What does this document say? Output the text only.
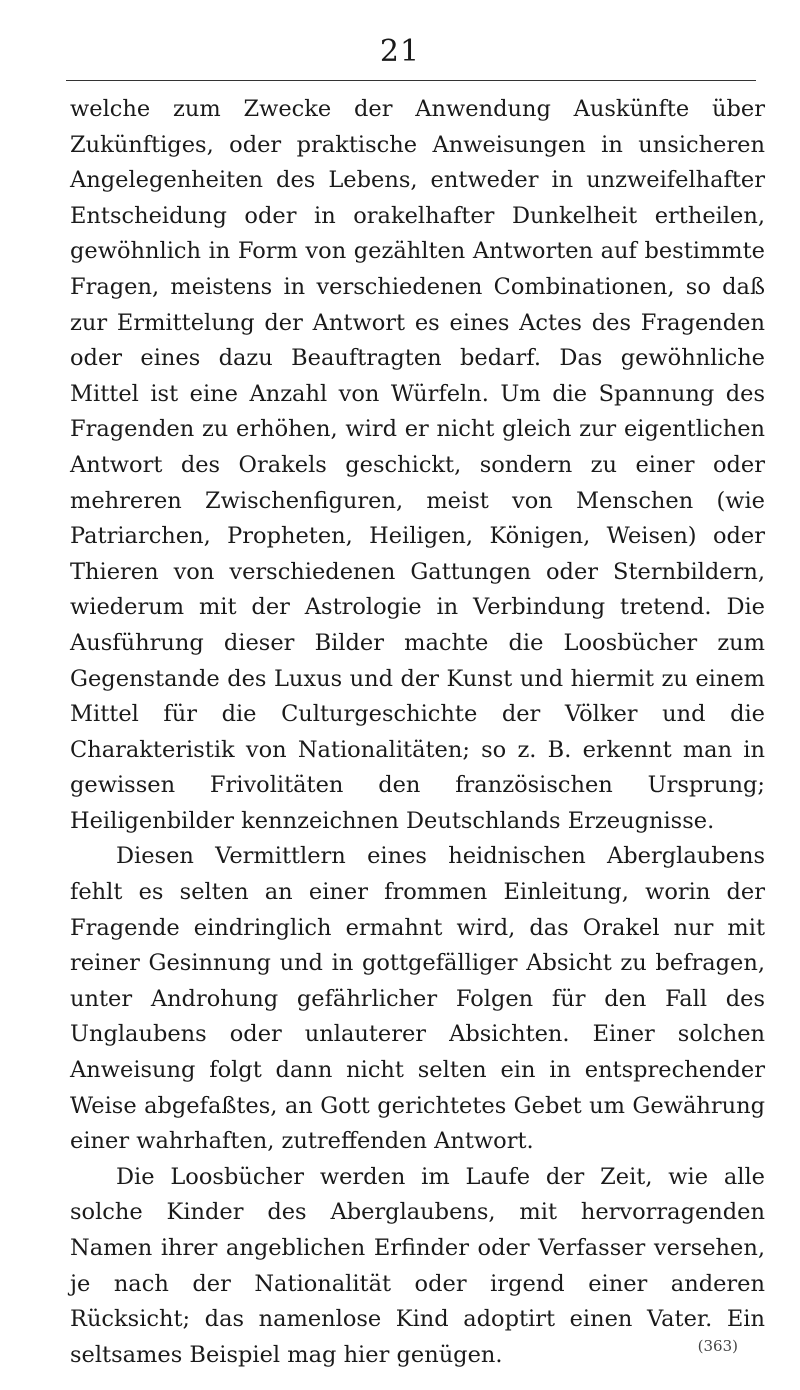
21

welche zum Zwecke der Anwendung Auskünfte über Zukünftiges, oder praktische Anweisungen in unsicheren Angelegenheiten des Lebens, entweder in unzweifelhafter Entscheidung oder in orakelhafter Dunkelheit ertheilen, gewöhnlich in Form von gezählten Antworten auf bestimmte Fragen, meistens in verschiedenen Combinationen, so daß zur Ermittelung der Antwort es eines Actes des Fragenden oder eines dazu Beauftragten bedarf. Das gewöhnliche Mittel ist eine Anzahl von Würfeln. Um die Spannung des Fragenden zu erhöhen, wird er nicht gleich zur eigentlichen Antwort des Orakels geschickt, sondern zu einer oder mehreren Zwischenfiguren, meist von Menschen (wie Patriarchen, Propheten, Heiligen, Königen, Weisen) oder Thieren von verschiedenen Gattungen oder Sternbildern, wiederum mit der Astrologie in Verbindung tretend. Die Ausführung dieser Bilder machte die Loosbücher zum Gegenstande des Luxus und der Kunst und hiermit zu einem Mittel für die Culturgeschichte der Völker und die Charakteristik von Nationalitäten; so z. B. erkennt man in gewissen Frivolitäten den französischen Ursprung; Heiligenbilder kennzeichnen Deutschlands Erzeugnisse.

Diesen Vermittlern eines heidnischen Aberglaubens fehlt es selten an einer frommen Einleitung, worin der Fragende eindringlich ermahnt wird, das Orakel nur mit reiner Gesinnung und in gottgefälliger Absicht zu befragen, unter Androhung gefährlicher Folgen für den Fall des Unglaubens oder unlauterer Absichten. Einer solchen Anweisung folgt dann nicht selten ein in entsprechender Weise abgefaßtes, an Gott gerichtetes Gebet um Gewährung einer wahrhaften, zutreffenden Antwort.

Die Loosbücher werden im Laufe der Zeit, wie alle solche Kinder des Aberglaubens, mit hervorragenden Namen ihrer angeblichen Erfinder oder Verfasser versehen, je nach der Nationalität oder irgend einer anderen Rücksicht; das namenlose Kind adoptirt einen Vater. Ein seltsames Beispiel mag hier genügen.	(363)
